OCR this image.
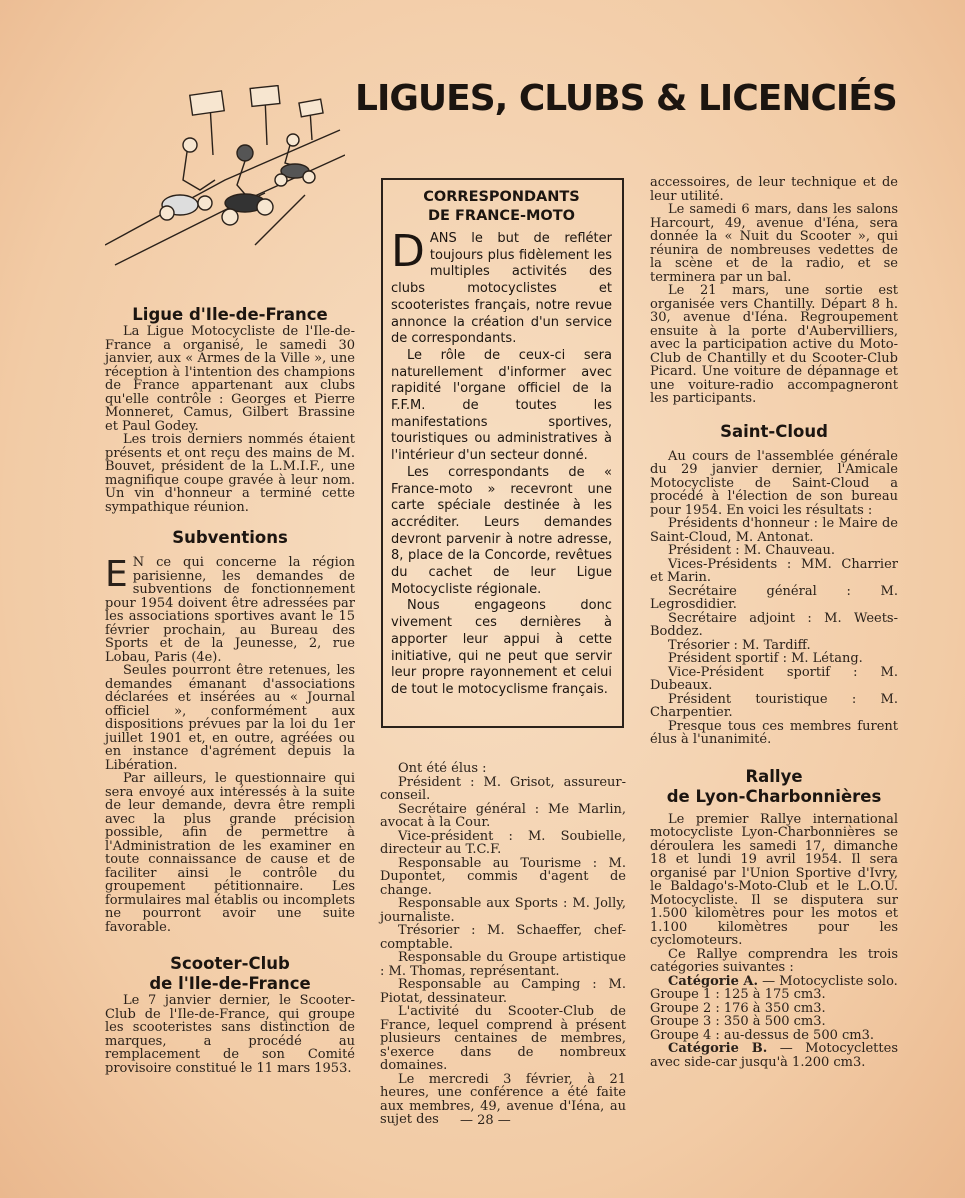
LIGUES, CLUBS & LICENCIÉS
Ligue d'Ile-de-France

La Ligue Motocycliste de l'Ile-de-France a organisé, le samedi 30 janvier, aux « Armes de la Ville », une réception à l'intention des champions de France appartenant aux clubs qu'elle contrôle : Georges et Pierre Monneret, Camus, Gilbert Brassine et Paul Godey.

Les trois derniers nommés étaient présents et ont reçu des mains de M. Bouvet, président de la L.M.I.F., une magnifique coupe gravée à leur nom. Un vin d'honneur a terminé cette sympathique réunion.

Subventions

E N ce qui concerne la région parisienne, les demandes de subventions de fonctionnement pour 1954 doivent être adressées par les associations sportives avant le 15 février prochain, au Bureau des Sports et de la Jeunesse, 2, rue Lobau, Paris (4e).

Seules pourront être retenues, les demandes émanant d'associations déclarées et insérées au « Journal officiel », conformément aux dispositions prévues par la loi du 1er juillet 1901 et, en outre, agréées ou en instance d'agrément depuis la Libération.

Par ailleurs, le questionnaire qui sera envoyé aux intéressés à la suite de leur demande, devra être rempli avec la plus grande précision possible, afin de permettre à l'Administration de les examiner en toute connaissance de cause et de faciliter ainsi le contrôle du groupement pétitionnaire. Les formulaires mal établis ou incomplets ne pourront avoir une suite favorable.

Scooter-Club
de l'Ile-de-France

Le 7 janvier dernier, le Scooter-Club de l'Ile-de-France, qui groupe les scooteristes sans distinction de marques, a procédé au remplacement de son Comité provisoire constitué le 11 mars 1953.

CORRESPONDANTS
DE FRANCE-MOTO

DANS le but de refléter toujours plus fidèlement les multiples activités des clubs motocyclistes et scooteristes français, notre revue annonce la création d'un service de correspondants.

Le rôle de ceux-ci sera naturellement d'informer avec rapidité l'organe officiel de la F.F.M. de toutes les manifestations sportives, touristiques ou administratives à l'intérieur d'un secteur donné.

Les correspondants de « France-moto » recevront une carte spéciale destinée à les accréditer. Leurs demandes devront parvenir à notre adresse, 8, place de la Concorde, revêtues du cachet de leur Ligue Motocycliste régionale.

Nous engageons donc vivement ces dernières à apporter leur appui à cette initiative, qui ne peut que servir leur propre rayonnement et celui de tout le motocyclisme français.

Ont été élus :

Président : M. Grisot, assureur-conseil.

Secrétaire général : Me Marlin, avocat à la Cour.

Vice-président : M. Soubielle, directeur au T.C.F.

Responsable au Tourisme : M. Dupontet, commis d'agent de change.

Responsable aux Sports : M. Jolly, journaliste.

Trésorier : M. Schaeffer, chef-comptable.

Responsable du Groupe artistique : M. Thomas, représentant.

Responsable au Camping : M. Piotat, dessinateur.

L'activité du Scooter-Club de France, lequel comprend à présent plusieurs centaines de membres, s'exerce dans de nombreux domaines.

Le mercredi 3 février, à 21 heures, une conférence a été faite aux membres, 49, avenue d'Iéna, au sujet des

accessoires, de leur technique et de leur utilité.

Le samedi 6 mars, dans les salons Harcourt, 49, avenue d'Iéna, sera donnée la « Nuit du Scooter », qui réunira de nombreuses vedettes de la scène et de la radio, et se terminera par un bal.

Le 21 mars, une sortie est organisée vers Chantilly. Départ 8 h. 30, avenue d'Iéna. Regroupement ensuite à la porte d'Aubervilliers, avec la participation active du Moto-Club de Chantilly et du Scooter-Club Picard. Une voiture de dépannage et une voiture-radio accompagneront les participants.

Saint-Cloud

Au cours de l'assemblée générale du 29 janvier dernier, l'Amicale Motocycliste de Saint-Cloud a procédé à l'élection de son bureau pour 1954. En voici les résultats :

Présidents d'honneur : le Maire de Saint-Cloud, M. Antonat.

Président : M. Chauveau.

Vices-Présidents : MM. Charrier et Marin.

Secrétaire général : M. Legrosdidier.

Secrétaire adjoint : M. Weets-Boddez.

Trésorier : M. Tardiff.

Président sportif : M. Létang.

Vice-Président sportif : M. Dubeaux.

Président touristique : M. Charpentier.

Presque tous ces membres furent élus à l'unanimité.

Rallye
de Lyon-Charbonnières

Le premier Rallye international motocycliste Lyon-Charbonnières se déroulera les samedi 17, dimanche 18 et lundi 19 avril 1954. Il sera organisé par l'Union Sportive d'Ivry, le Baldago's-Moto-Club et le L.O.U. Motocycliste. Il se disputera sur 1.500 kilomètres pour les motos et 1.100 kilomètres pour les cyclomoteurs.

Ce Rallye comprendra les trois catégories suivantes :

Catégorie A. — Motocycliste solo.

Groupe 1 : 125 à 175 cm3.

Groupe 2 : 176 à 350 cm3.

Groupe 3 : 350 à 500 cm3.

Groupe 4 : au-dessus de 500 cm3.

Catégorie B. — Motocyclettes avec side-car jusqu'à 1.200 cm3.

— 28 —
